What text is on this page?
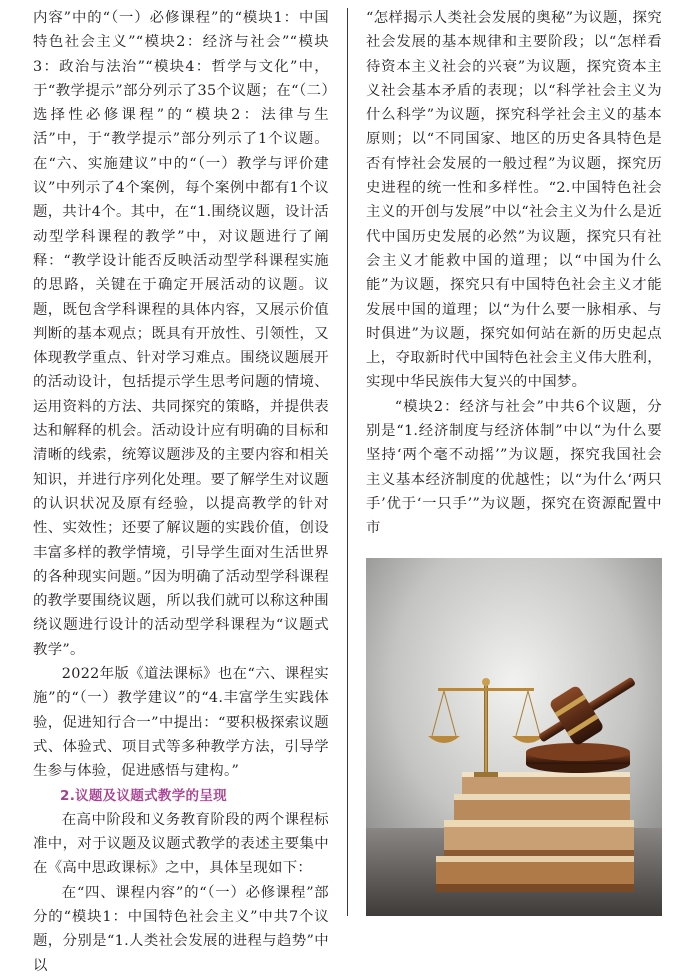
内容”中的“（一）必修课程”的“模块1：中国特色社会主义”“模块2：经济与社会”“模块3：政治与法治”“模块4：哲学与文化”中，于“教学提示”部分列示了35个议题；在“（二）选择性必修课程”的“模块2：法律与生活”中，于“教学提示”部分列示了1个议题。在“六、实施建议”中的“（一）教学与评价建议”中列示了4个案例，每个案例中都有1个议题，共计4个。其中，在“1.围绕议题，设计活动型学科课程的教学”中，对议题进行了阐释：“教学设计能否反映活动型学科课程实施的思路，关键在于确定开展活动的议题。议题，既包含学科课程的具体内容，又展示价值判断的基本观点；既具有开放性、引领性，又体现教学重点、针对学习难点。围绕议题展开的活动设计，包括提示学生思考问题的情境、运用资料的方法、共同探究的策略，并提供表达和解释的机会。活动设计应有明确的目标和清晰的线索，统筹议题涉及的主要内容和相关知识，并进行序列化处理。要了解学生对议题的认识状况及原有经验，以提高教学的针对性、实效性；还要了解议题的实践价值，创设丰富多样的教学情境，引导学生面对生活世界的各种现实问题。”因为明确了活动型学科课程的教学要围绕议题，所以我们就可以称这种围绕议题进行设计的活动型学科课程为“议题式教学”。

2022年版《道法课标》也在“六、课程实施”的“（一）教学建议”的“4.丰富学生实践体验，促进知行合一”中提出：“要积极探索议题式、体验式、项目式等多种教学方法，引导学生参与体验，促进感悟与建构。”

2.议题及议题式教学的呈现

在高中阶段和义务教育阶段的两个课程标准中，对于议题及议题式教学的表述主要集中在《高中思政课标》之中，具体呈现如下：

在“四、课程内容”的“（一）必修课程”部分的“模块1：中国特色社会主义”中共7个议题，分别是“1.人类社会发展的进程与趋势”中以

“怎样揭示人类社会发展的奥秘”为议题，探究社会发展的基本规律和主要阶段；以“怎样看待资本主义社会的兴衰”为议题，探究资本主义社会基本矛盾的表现；以“科学社会主义为什么科学”为议题，探究科学社会主义的基本原则；以“不同国家、地区的历史各具特色是否有悖社会发展的一般过程”为议题，探究历史进程的统一性和多样性。“2.中国特色社会主义的开创与发展”中以“社会主义为什么是近代中国历史发展的必然”为议题，探究只有社会主义才能救中国的道理；以“中国为什么能”为议题，探究只有中国特色社会主义才能发展中国的道理；以“为什么要一脉相承、与时俱进”为议题，探究如何站在新的历史起点上，夺取新时代中国特色社会主义伟大胜利，实现中华民族伟大复兴的中国梦。

“模块2：经济与社会”中共6个议题，分别是“1.经济制度与经济体制”中以“为什么要坚持‘两个毫不动摇’”为议题，探究我国社会主义基本经济制度的优越性；以“为什么‘两只手’优于‘一只手’”为议题，探究在资源配置中市
